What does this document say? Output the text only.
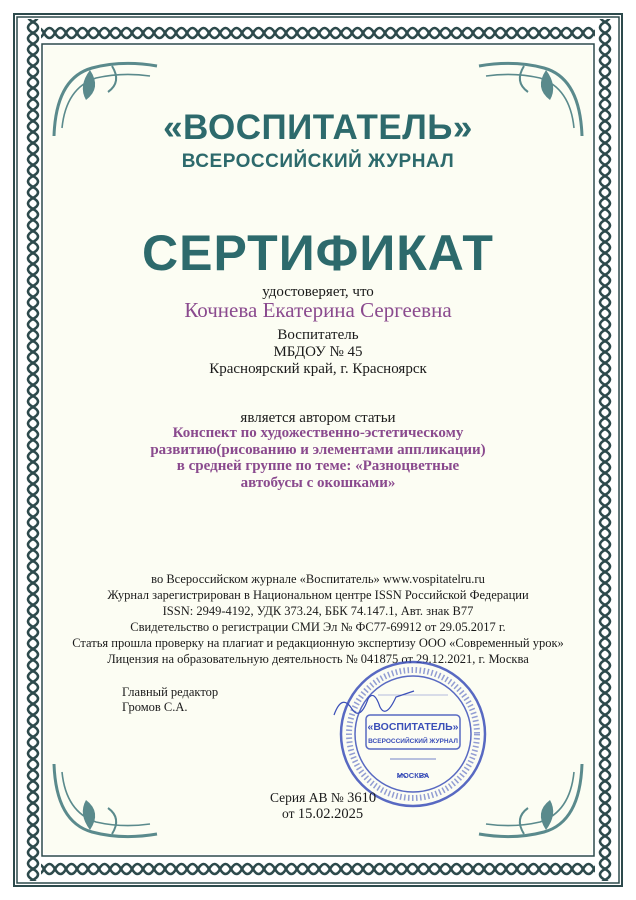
«ВОСПИТАТЕЛЬ»
ВСЕРОССИЙСКИЙ ЖУРНАЛ
СЕРТИФИКАТ
удостоверяет, что
Кочнева Екатерина Сергеевна
Воспитатель
МБДОУ № 45
Красноярский край, г. Красноярск
является автором статьи
Конспект по художественно-эстетическому
развитию(рисованию и элементами аппликации)
в средней группе по теме: «Разноцветные
автобусы с окошками»
во Всероссийском журнале «Воспитатель» www.vospitatelru.ru
Журнал зарегистрирован в Национальном центре ISSN Российской Федерации
ISSN: 2949-4192, УДК 373.24, ББК 74.147.1, Авт. знак В77
Свидетельство о регистрации СМИ Эл № ФС77-69912 от 29.05.2017 г.
Статья прошла проверку на плагиат и редакционную экспертизу ООО «Современный урок»
Лицензия на образовательную деятельность № 041875 от 29.12.2021, г. Москва
Главный редактор
Громов С.А.
«ВОСПИТАТЕЛЬ»
ВСЕРОССИЙСКИЙ ЖУРНАЛ
МОСКВА
Серия АВ № 3610
от 15.02.2025
